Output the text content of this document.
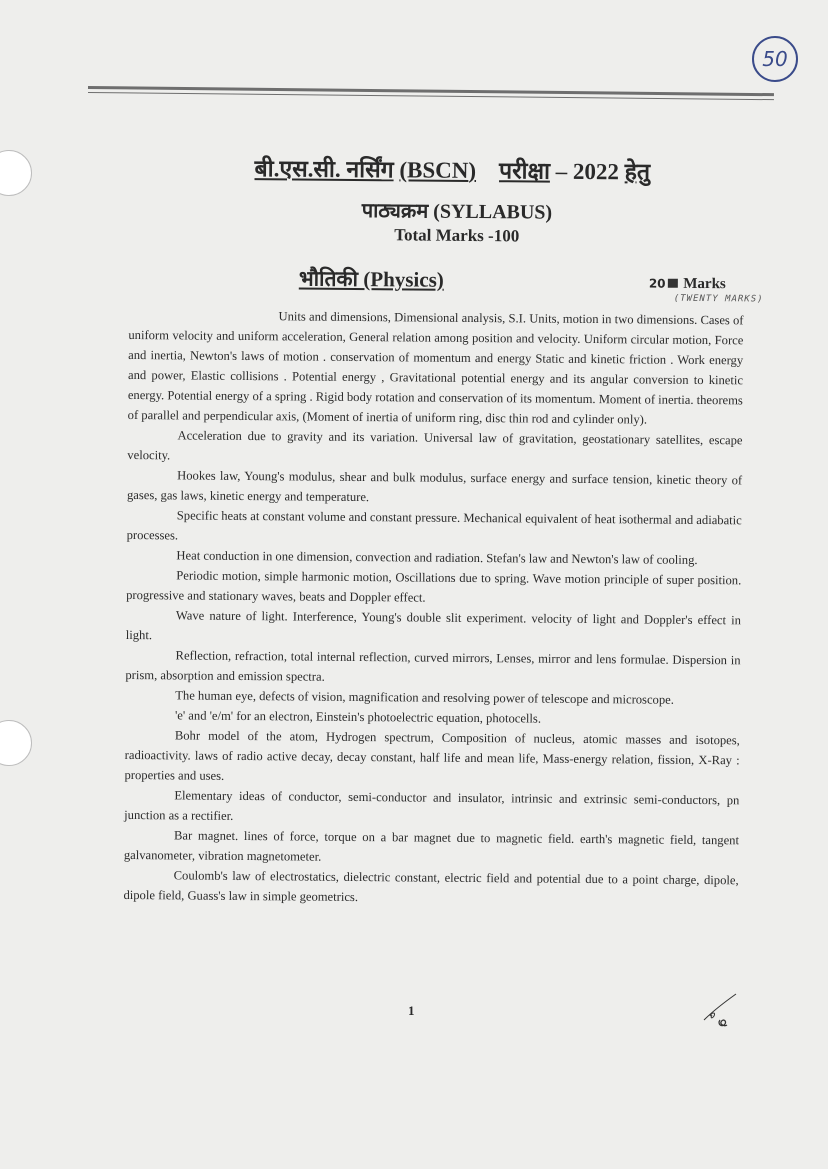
50
बी.एस.सी. नर्सिंग (BSCN) परीक्षा – 2022 हेतु
पाठ्यक्रम (SYLLABUS)
Total Marks -100
भौतिकी (Physics)	20 Marks
(TWENTY MARKS)

Units and dimensions, Dimensional analysis, S.I. Units, motion in two dimensions. Cases of uniform velocity and uniform acceleration, General relation among position and velocity. Uniform circular motion, Force and inertia, Newton's laws of motion . conservation of momentum and energy Static and kinetic friction . Work energy and power, Elastic collisions . Potential energy , Gravitational potential energy and its angular conversion to kinetic energy. Potential energy of a spring . Rigid body rotation and conservation of its momentum. Moment of inertia. theorems of parallel and perpendicular axis, (Moment of inertia of uniform ring, disc thin rod and cylinder only).

Acceleration due to gravity and its variation. Universal law of gravitation, geostationary satellites, escape velocity.

Hookes law, Young's modulus, shear and bulk modulus, surface energy and surface tension, kinetic theory of gases, gas laws, kinetic energy and temperature.

Specific heats at constant volume and constant pressure. Mechanical equivalent of heat isothermal and adiabatic processes.

Heat conduction in one dimension, convection and radiation. Stefan's law and Newton's law of cooling.

Periodic motion, simple harmonic motion, Oscillations due to spring. Wave motion principle of super position. progressive and stationary waves, beats and Doppler effect.

Wave nature of light. Interference, Young's double slit experiment. velocity of light and Doppler's effect in light.

Reflection, refraction, total internal reflection, curved mirrors, Lenses, mirror and lens formulae. Dispersion in prism, absorption and emission spectra.

The human eye, defects of vision, magnification and resolving power of telescope and microscope.

'e' and 'e/m' for an electron, Einstein's photoelectric equation, photocells.

Bohr model of the atom, Hydrogen spectrum, Composition of nucleus, atomic masses and isotopes, radioactivity. laws of radio active decay, decay constant, half life and mean life, Mass-energy relation, fission, X-Ray : properties and uses.

Elementary ideas of conductor, semi-conductor and insulator, intrinsic and extrinsic semi-conductors, pn junction as a rectifier.

Bar magnet. lines of force, torque on a bar magnet due to magnetic field. earth's magnetic field, tangent galvanometer, vibration magnetometer.

Coulomb's law of electrostatics, dielectric constant, electric field and potential due to a point charge, dipole, dipole field, Guass's law in simple geometrics.

1
